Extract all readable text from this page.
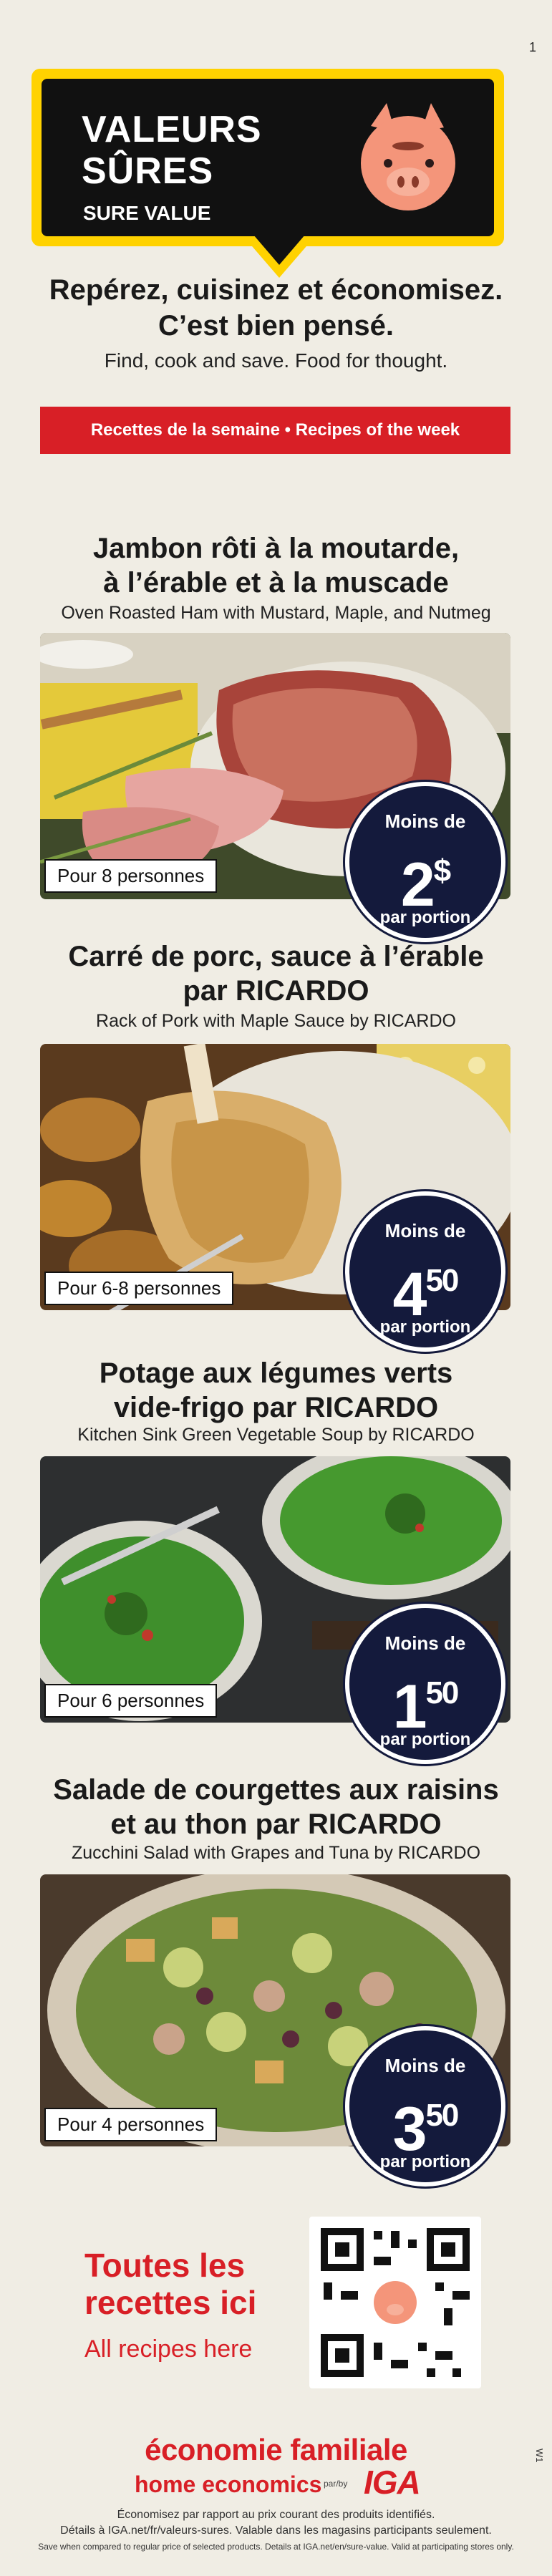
1
VALEURS
SÛRES
SURE VALUE
Repérez, cuisinez et économisez.
C’est bien pensé.
Find, cook and save. Food for thought.
Recettes de la semaine • Recipes of the week
Jambon rôti à la moutarde,
à l’érable et à la muscade
Oven Roasted Ham with Mustard, Maple, and Nutmeg
Pour 8 personnes
Moins de
2$
par portion
Carré de porc, sauce à l’érable
par RICARDO
Rack of Pork with Maple Sauce by RICARDO
Pour 6-8 personnes
Moins de
$4^{50}$
par portion
Potage aux légumes verts
vide-frigo par RICARDO
Kitchen Sink Green Vegetable Soup by RICARDO
Pour 6 personnes
Moins de
$1^{50}$
par portion
Salade de courgettes aux raisins
et au thon par RICARDO
Zucchini Salad with Grapes and Tuna by RICARDO
Pour 4 personnes
Moins de
$3^{50}$
par portion
Toutes les
recettes ici
All recipes here
économie familiale
home economics par/by IGA
Économisez par rapport au prix courant des produits identifiés.
Détails à IGA.net/fr/valeurs-sures. Valable dans les magasins participants seulement.
Save when compared to regular price of selected products. Details at IGA.net/en/sure-value. Valid at participating stores only.
W1
